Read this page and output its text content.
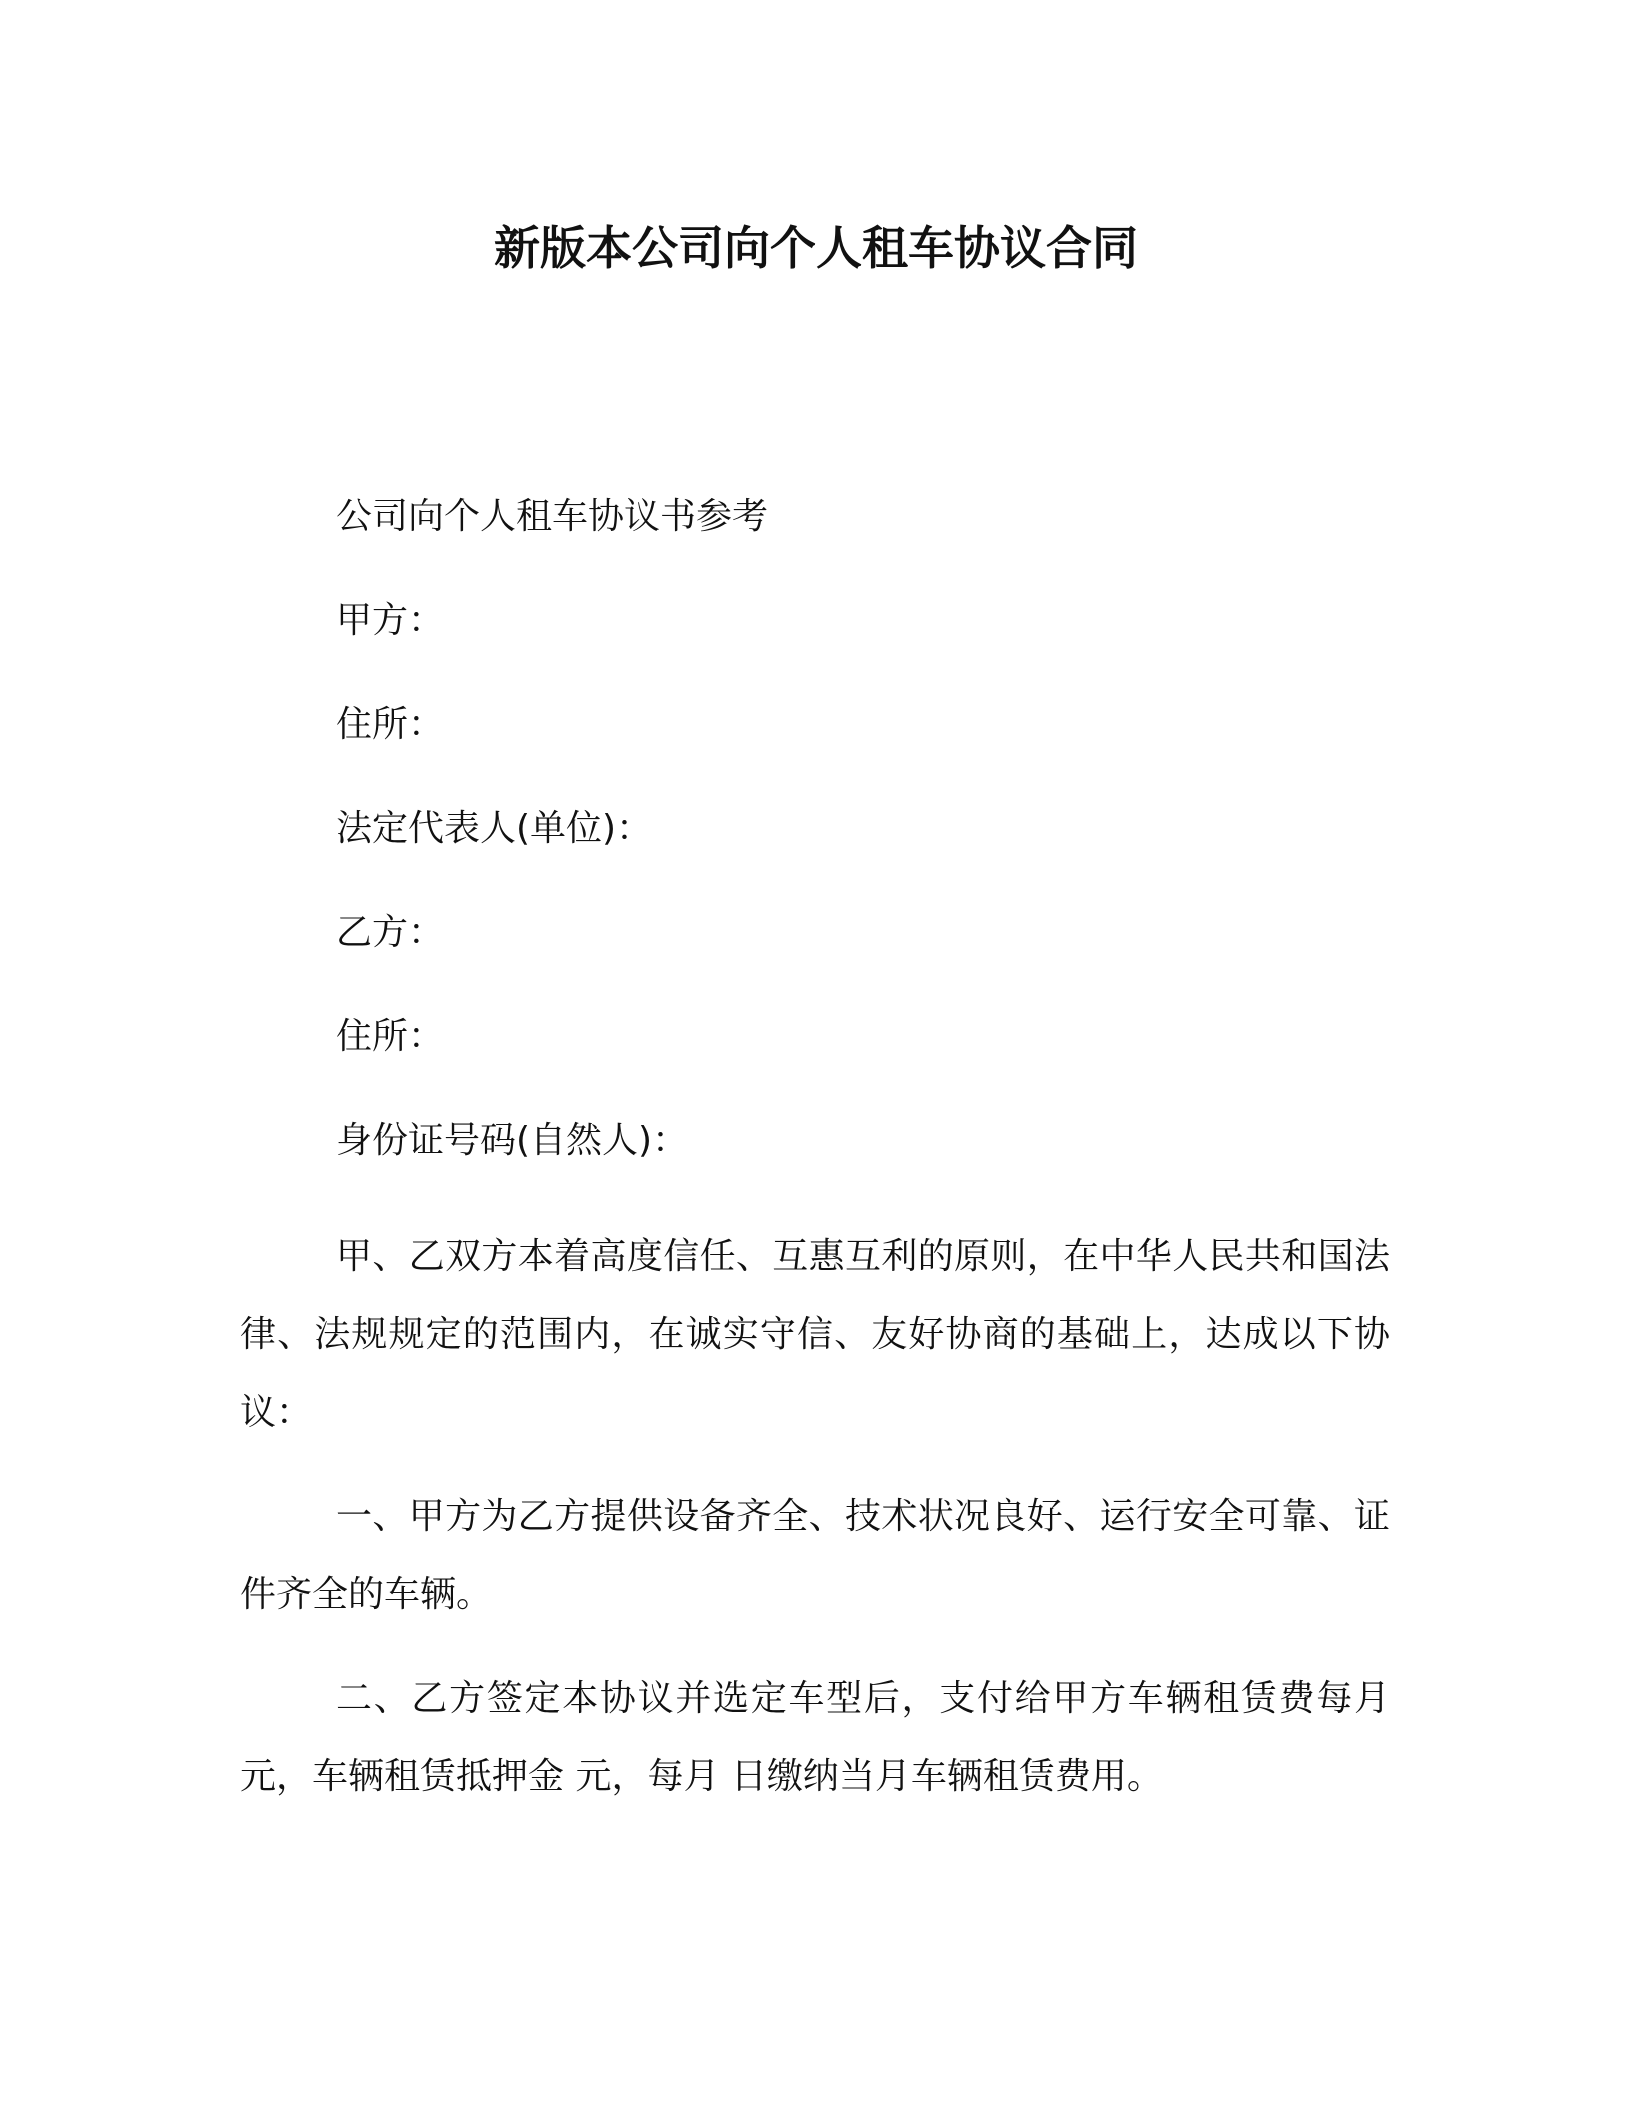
新版本公司向个人租车协议合同

公司向个人租车协议书参考

甲方：

住所：

法定代表人(单位)：

乙方：

住所：

身份证号码(自然人)：

甲、乙双方本着高度信任、互惠互利的原则，在中华人民共和国法律、法规规定的范围内，在诚实守信、友好协商的基础上，达成以下协议：

一、甲方为乙方提供设备齐全、技术状况良好、运行安全可靠、证件齐全的车辆。

二、乙方签定本协议并选定车型后，支付给甲方车辆租赁费每月 元，车辆租赁抵押金 元，每月 日缴纳当月车辆租赁费用。
